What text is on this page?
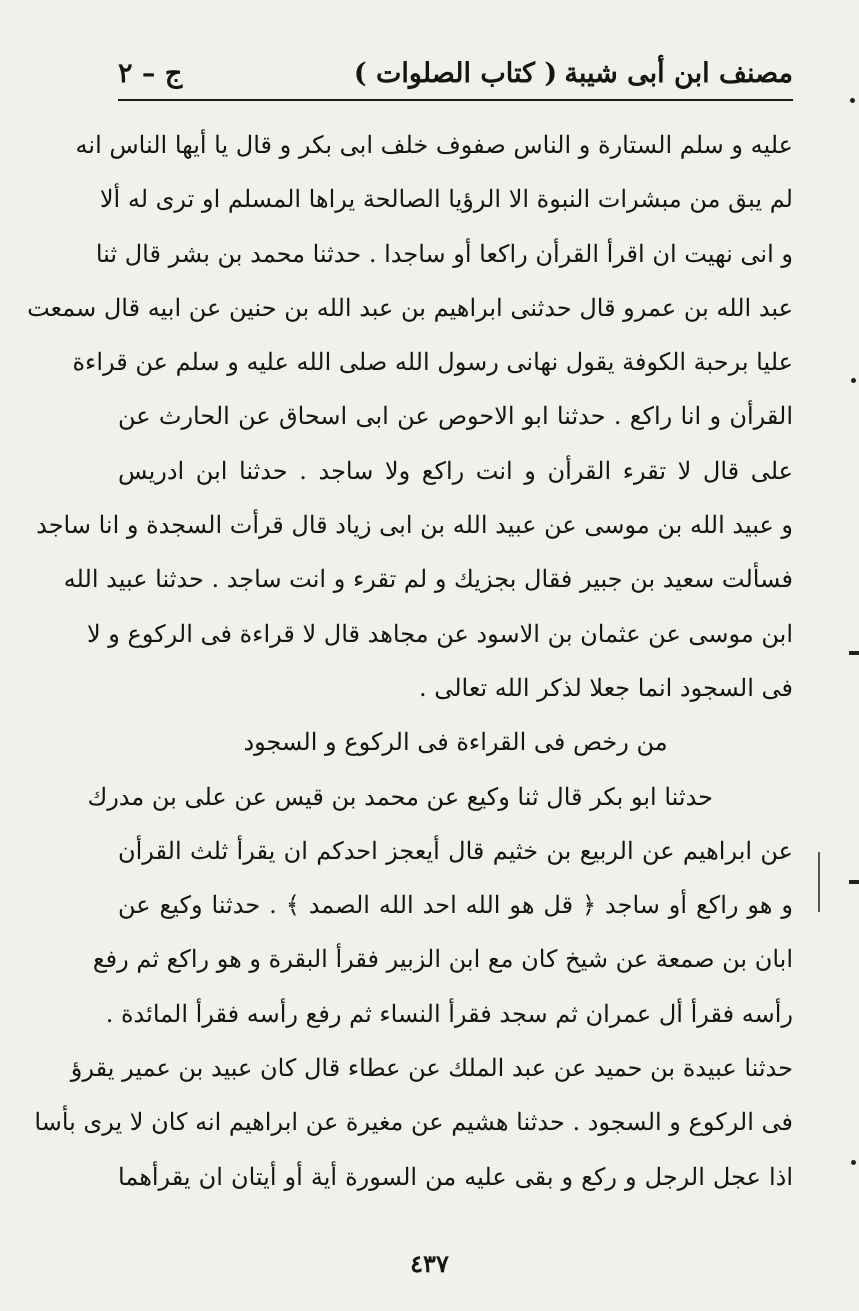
مصنف ابن أبى شيبة
( كتاب الصلوات )
ج – ٢
عليه و سلم الستارة و الناس صفوف خلف ابى بكر و قال يا أيها الناس انه
لم يبق من مبشرات النبوة الا الرؤيا الصالحة يراها المسلم او ترى له ألا
و انى نهيت ان اقرأ القرأن راكعا أو ساجدا . حدثنا محمد بن بشر قال ثنا
عبد الله بن عمرو قال حدثنى ابراهيم بن عبد الله بن حنين عن ابيه قال سمعت
عليا برحبة الكوفة يقول نهانى رسول الله صلى الله عليه و سلم عن قراءة
القرأن و انا راكع . حدثنا ابو الاحوص عن ابى اسحاق عن الحارث عن
على قال لا تقرء القرأن و انت راكع ولا ساجد . حدثنا ابن ادريس
و عبيد الله بن موسى عن عبيد الله بن ابى زياد قال قرأت السجدة و انا ساجد
فسألت سعيد بن جبير فقال بجزيك و لم تقرء و انت ساجد . حدثنا عبيد الله
ابن موسى عن عثمان بن الاسود عن مجاهد قال لا قراءة فى الركوع و لا
فى السجود انما جعلا لذكر الله تعالى .
من رخص فى القراءة فى الركوع و السجود
حدثنا ابو بكر قال ثنا وكيع عن محمد بن قيس عن على بن مدرك
عن ابراهيم عن الربيع بن خثيم قال أيعجز احدكم ان يقرأ ثلث القرأن
و هو راكع أو ساجد ﴿ قل هو الله احد الله الصمد ﴾ . حدثنا وكيع عن
ابان بن صمعة عن شيخ كان مع ابن الزبير فقرأ البقرة و هو راكع ثم رفع
رأسه فقرأ أل عمران ثم سجد فقرأ النساء ثم رفع رأسه فقرأ المائدة .
حدثنا عبيدة بن حميد عن عبد الملك عن عطاء قال كان عبيد بن عمير يقرؤ
فى الركوع و السجود . حدثنا هشيم عن مغيرة عن ابراهيم انه كان لا يرى بأسا
اذا عجل الرجل و ركع و بقى عليه من السورة أية أو أيتان ان يقرأهما
٤٣٧
